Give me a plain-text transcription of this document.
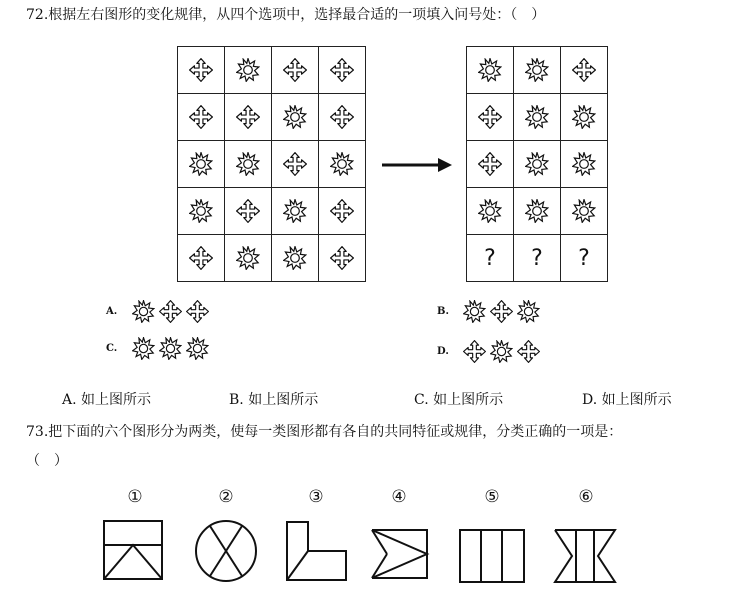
72.根据左右图形的变化规律，从四个选项中，选择最合适的一项填入问号处：（　）

?	?	?
A.
C.
B.
D.
A. 如上图所示	B. 如上图所示	C. 如上图所示	D. 如上图所示
73.把下面的六个图形分为两类，使每一类图形都有各自的共同特征或规律，分类正确的一项是：
（　）
①	②	③	④	⑤	⑥
